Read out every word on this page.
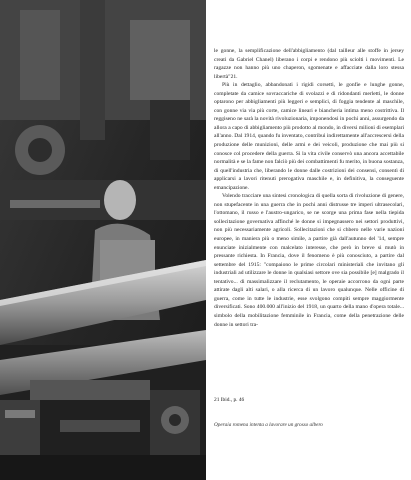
le gonne, la semplificazione dell'abbigliamento (dal tailleur alle stoffe in jersey creati da Gabriel Chanel) liberano i corpi e rendono più sciolti i movimenti. Le ragazze non hanno più uno chaperon, sgomenate e affacciate dalla loro stessa libertà"21.

Più in dettaglio, abbandonati i rigidi corsetti, le gonfie e lunghe gonne, completate da camice sovraccariche di svolazzi e di ridondanti merletti, le donne optarono per abbigliamenti più leggeri e semplici, di foggia tendente al maschile, con gonne via via più corte, camice lineari e biancheria intima meno costrittiva. Il reggiseno ne sarà la novità rivoluzionaria, imponendosi in pochi anni, assurgendo da allora a capo di abbigliamento più prodotto al mondo, in diversi milioni di esemplari all'anno. Dal 1914, quando fu inventato, contribuì indirettamente all'accrescersi della produzione delle munizioni, delle armi e dei veicoli, produzione che mai più si conosce col procedere della guerra. Si la vita civile conservò una ancora accettabile normalità e se la fame non falcìò più dei combattimenti fu merito, in buona sostanza, di quell'industria che, liberando le donne dalle costrizioni dei consensi, consentì di applicarsi a lavori ritenuti prerogativa maschile e, in definitiva, la conseguente emancipazione.

Volendo tracciare una sintesi cronologica di quella sorta di rivoluzione di genere, non stupefacente in una guerra che in pochi anni distrusse tre imperi ultrasecolari, l'ottomano, il russo e l'austro-ungarico, se ne scorge una prima fase nella tiepida sollecitazione governativa affinché le donne si impegnassero nei settori produttivi, non più necessariamente agricoli. Sollecitazioni che si chbero nelle varie nazioni europee, in maniera più o meno simile, a partire già dall'autunno del '14, sempre enunciate inizialmente con malcelato interesse, che però in breve si mutò in pressante richiesta. In Francia, dove il fenomeno è più conosciuto, a partire dal settembre del 1915: "compaiono le prime circolari ministeriali che invitano gli industriali ad utilizzare le donne in qualsiasi settore ove sia possibile [e] malgrado il tentativo... di massimalizzare il reclutamento, le operaie accorrono da ogni parte attirate dagli alti salari, o alla ricerca di un lavoro qualunque. Nelle officine di guerra, come in tutte le industrie, esse svolgono compiti sempre maggiormente diversificati. Sono 400.000 all'inizio del 1918, un quarto della mano d'opera totale... simbolo della mobilitazione femminile in Francia, come della penetrazione delle donne in settori tra-

21 Ibid., p. 46
Operaia romena intenta a lavorare un grosso albero
